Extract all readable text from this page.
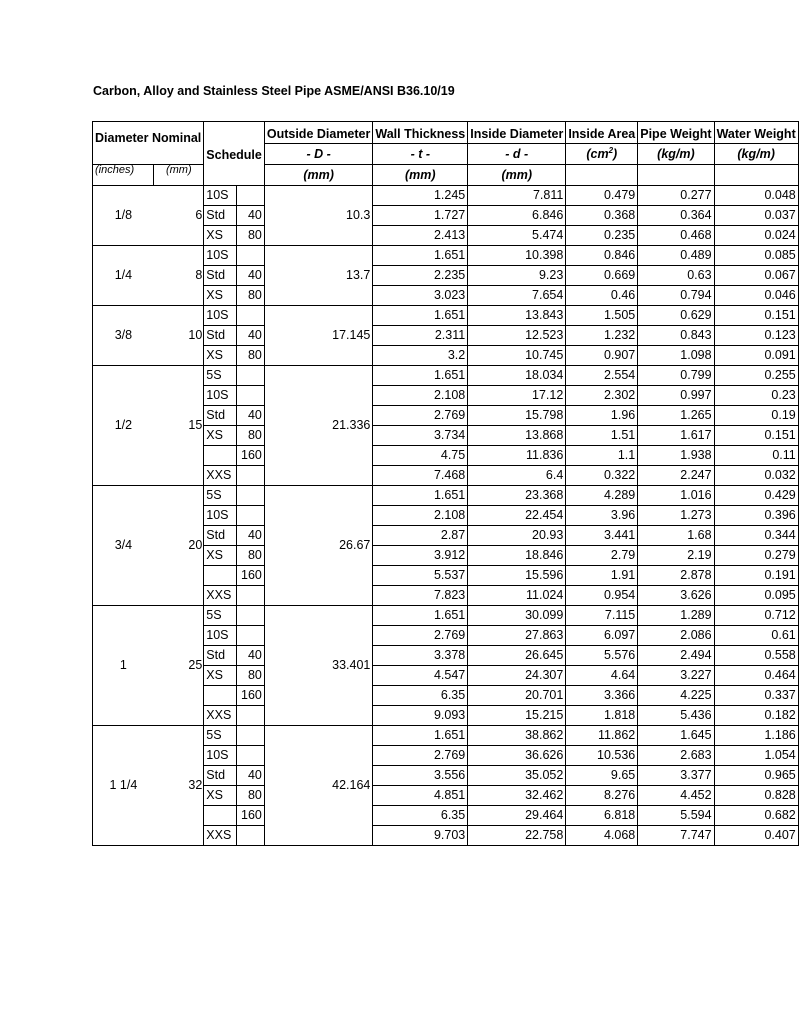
Carbon, Alloy and Stainless Steel Pipe ASME/ANSI B36.10/19
Diameter Nominal		Schedule		Outside Diameter	Wall Thickness	Inside Diameter	Inside Area	Pipe Weight	Water Weight
				- D -	- t -	- d -	$(cm^2)$	(kg/m)	(kg/m)
(inches)	(mm)			(mm)	(mm)	(mm)			
1/8	6	10S		10.3	1.245	7.811	0.479	0.277	0.048
		Std	40		1.727	6.846	0.368	0.364	0.037
		XS	80		2.413	5.474	0.235	0.468	0.024
1/4	8	10S		13.7	1.651	10.398	0.846	0.489	0.085
		Std	40		2.235	9.23	0.669	0.63	0.067
		XS	80		3.023	7.654	0.46	0.794	0.046
3/8	10	10S		17.145	1.651	13.843	1.505	0.629	0.151
		Std	40		2.311	12.523	1.232	0.843	0.123
		XS	80		3.2	10.745	0.907	1.098	0.091
1/2	15	5S		21.336	1.651	18.034	2.554	0.799	0.255
		10S			2.108	17.12	2.302	0.997	0.23
		Std	40		2.769	15.798	1.96	1.265	0.19
		XS	80		3.734	13.868	1.51	1.617	0.151
			160		4.75	11.836	1.1	1.938	0.11
		XXS			7.468	6.4	0.322	2.247	0.032
3/4	20	5S		26.67	1.651	23.368	4.289	1.016	0.429
		10S			2.108	22.454	3.96	1.273	0.396
		Std	40		2.87	20.93	3.441	1.68	0.344
		XS	80		3.912	18.846	2.79	2.19	0.279
			160		5.537	15.596	1.91	2.878	0.191
		XXS			7.823	11.024	0.954	3.626	0.095
1	25	5S		33.401	1.651	30.099	7.115	1.289	0.712
		10S			2.769	27.863	6.097	2.086	0.61
		Std	40		3.378	26.645	5.576	2.494	0.558
		XS	80		4.547	24.307	4.64	3.227	0.464
			160		6.35	20.701	3.366	4.225	0.337
		XXS			9.093	15.215	1.818	5.436	0.182
1 1/4	32	5S		42.164	1.651	38.862	11.862	1.645	1.186
		10S			2.769	36.626	10.536	2.683	1.054
		Std	40		3.556	35.052	9.65	3.377	0.965
		XS	80		4.851	32.462	8.276	4.452	0.828
			160		6.35	29.464	6.818	5.594	0.682
		XXS			9.703	22.758	4.068	7.747	0.407
